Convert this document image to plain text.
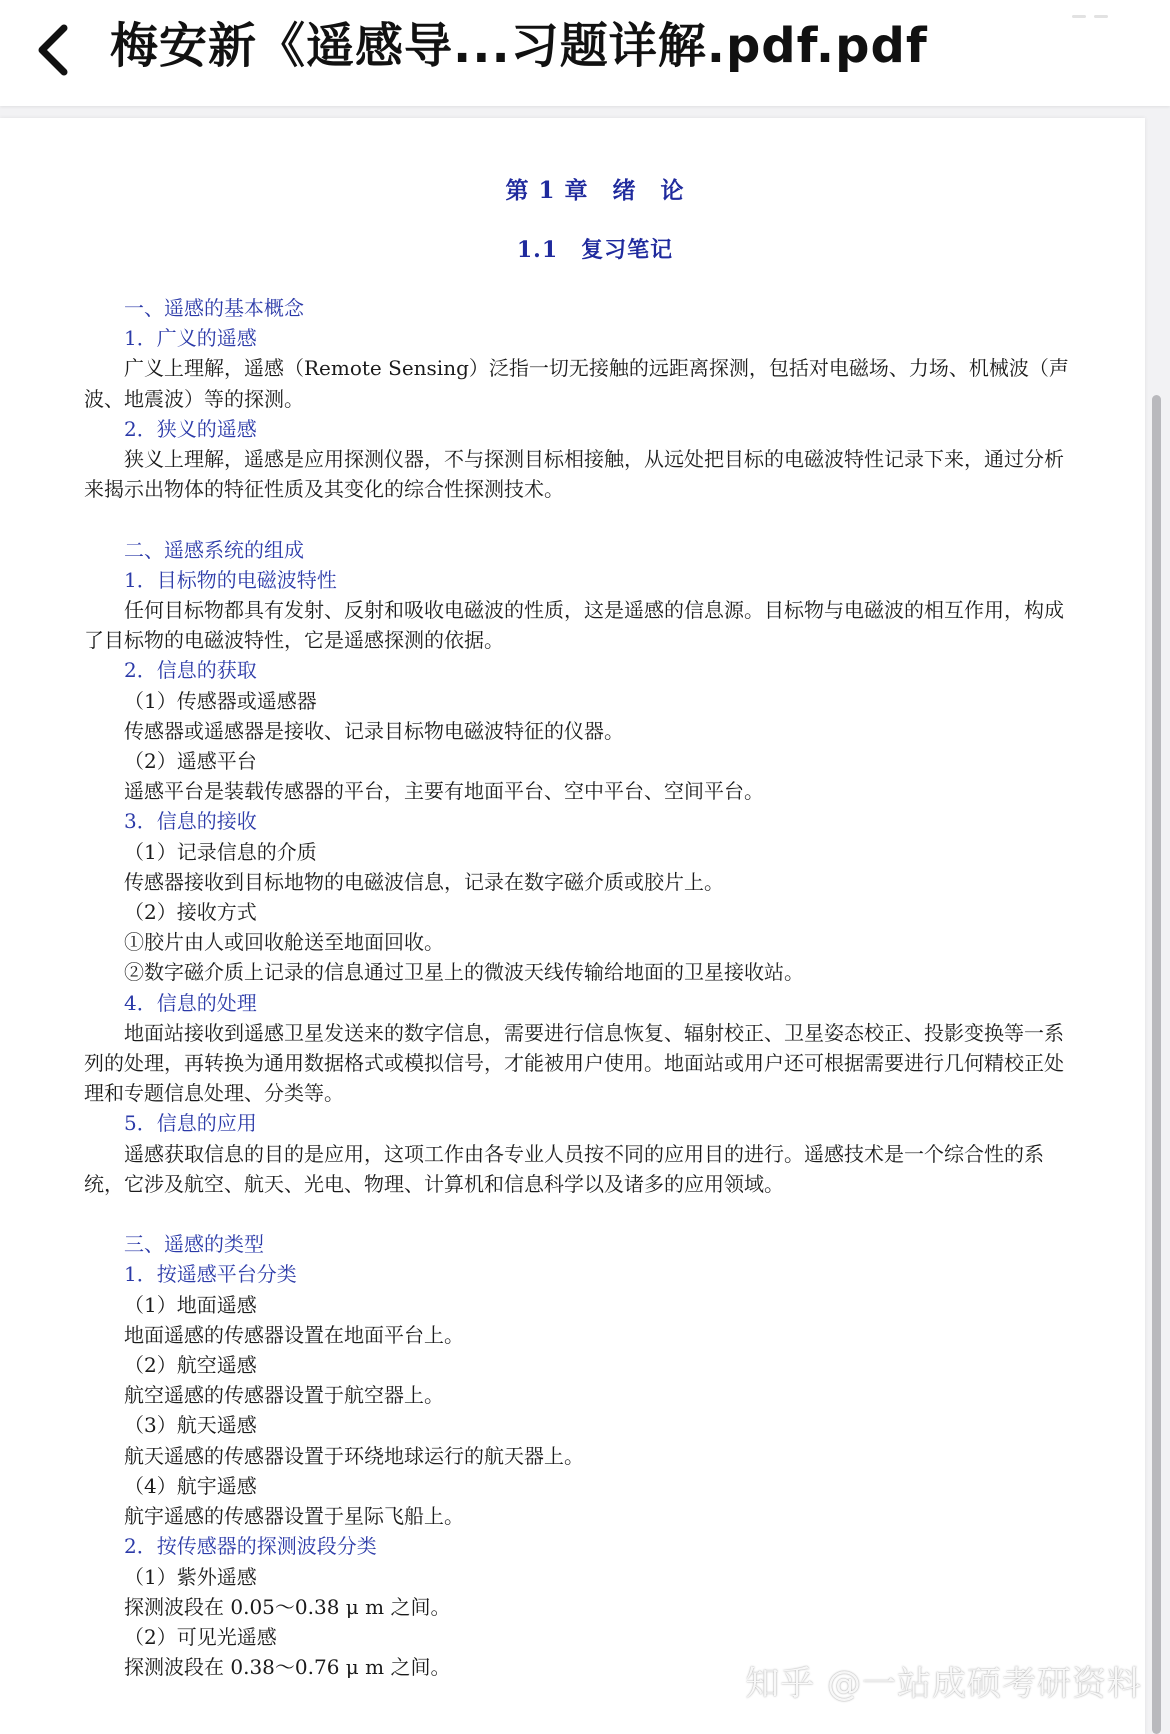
梅安新《遥感导...习题详解.pdf.pdf
第 1 章　绪　论
1.1　复习笔记

一、遥感的基本概念

1．广义的遥感

广义上理解，遥感（Remote Sensing）泛指一切无接触的远距离探测，包括对电磁场、力场、机械波（声波、地震波）等的探测。

2．狭义的遥感

狭义上理解，遥感是应用探测仪器，不与探测目标相接触，从远处把目标的电磁波特性记录下来，通过分析来揭示出物体的特征性质及其变化的综合性探测技术。

二、遥感系统的组成

1．目标物的电磁波特性

任何目标物都具有发射、反射和吸收电磁波的性质，这是遥感的信息源。目标物与电磁波的相互作用，构成了目标物的电磁波特性，它是遥感探测的依据。

2．信息的获取

（1）传感器或遥感器

传感器或遥感器是接收、记录目标物电磁波特征的仪器。

（2）遥感平台

遥感平台是装载传感器的平台，主要有地面平台、空中平台、空间平台。

3．信息的接收

（1）记录信息的介质

传感器接收到目标地物的电磁波信息，记录在数字磁介质或胶片上。

（2）接收方式

①胶片由人或回收舱送至地面回收。

②数字磁介质上记录的信息通过卫星上的微波天线传输给地面的卫星接收站。

4．信息的处理

地面站接收到遥感卫星发送来的数字信息，需要进行信息恢复、辐射校正、卫星姿态校正、投影变换等一系列的处理，再转换为通用数据格式或模拟信号，才能被用户使用。地面站或用户还可根据需要进行几何精校正处理和专题信息处理、分类等。

5．信息的应用

遥感获取信息的目的是应用，这项工作由各专业人员按不同的应用目的进行。遥感技术是一个综合性的系统，它涉及航空、航天、光电、物理、计算机和信息科学以及诸多的应用领域。

三、遥感的类型

1．按遥感平台分类

（1）地面遥感

地面遥感的传感器设置在地面平台上。

（2）航空遥感

航空遥感的传感器设置于航空器上。

（3）航天遥感

航天遥感的传感器设置于环绕地球运行的航天器上。

（4）航宇遥感

航宇遥感的传感器设置于星际飞船上。

2．按传感器的探测波段分类

（1）紫外遥感

探测波段在 0.05～0.38 μ m 之间。

（2）可见光遥感

探测波段在 0.38～0.76 μ m 之间。	知乎 @一站成硕考研资料
